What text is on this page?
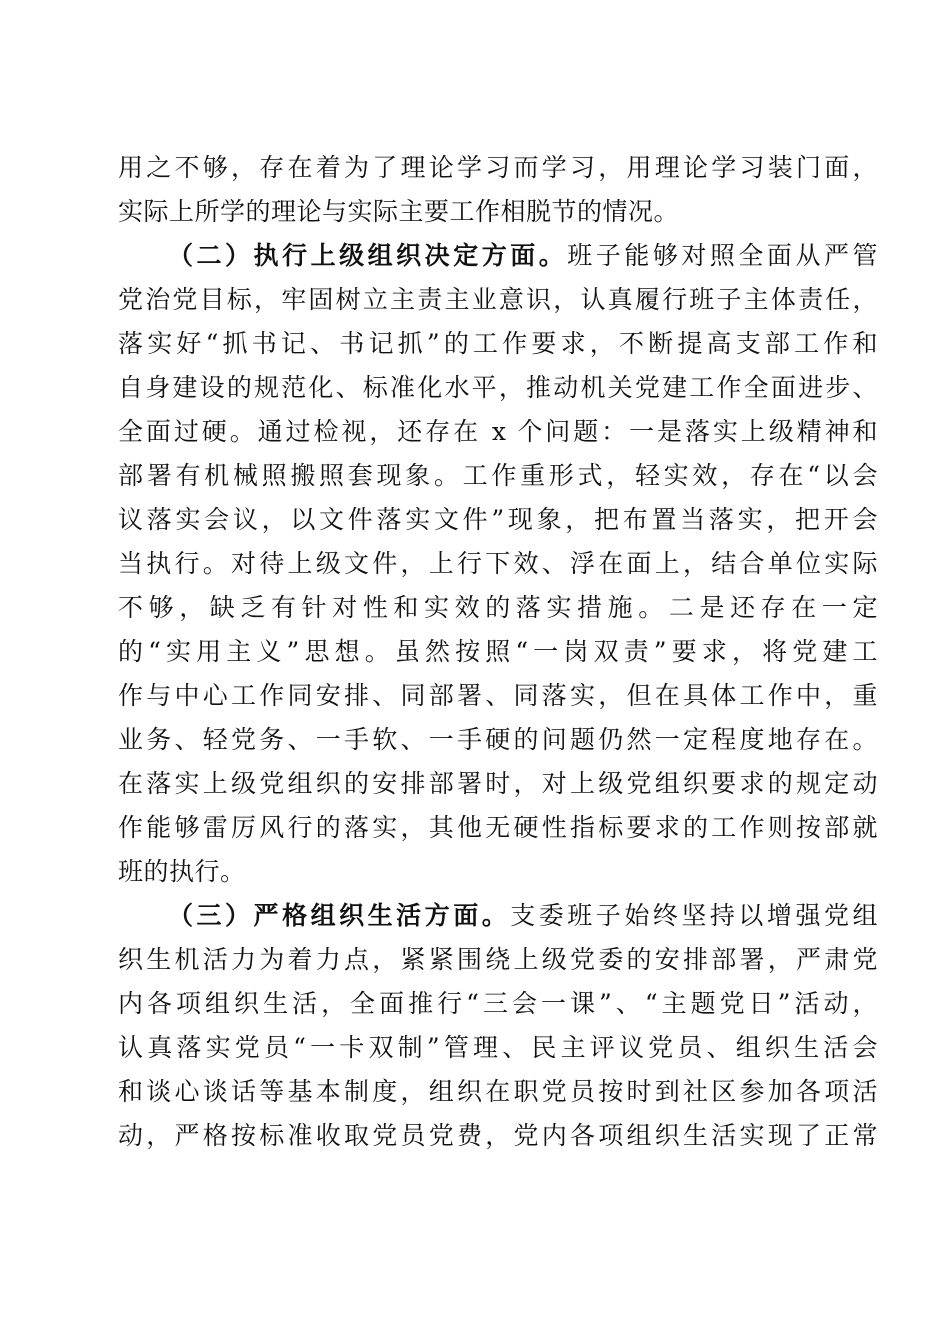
用之不够，存在着为了理论学习而学习，用理论学习装门面，
实际上所学的理论与实际主要工作相脱节的情况。
（二）执行上级组织决定方面。班子能够对照全面从严管
党治党目标，牢固树立主责主业意识，认真履行班子主体责任，
落实好“抓书记、书记抓”的工作要求，不断提高支部工作和
自身建设的规范化、标准化水平，推动机关党建工作全面进步、
全面过硬。通过检视，还存在 x 个问题：一是落实上级精神和
部署有机械照搬照套现象。工作重形式，轻实效，存在“以会
议落实会议，以文件落实文件”现象，把布置当落实，把开会
当执行。对待上级文件，上行下效、浮在面上，结合单位实际
不够，缺乏有针对性和实效的落实措施。二是还存在一定
的“实用主义”思想。虽然按照“一岗双责”要求，将党建工
作与中心工作同安排、同部署、同落实，但在具体工作中，重
业务、轻党务、一手软、一手硬的问题仍然一定程度地存在。
在落实上级党组织的安排部署时，对上级党组织要求的规定动
作能够雷厉风行的落实，其他无硬性指标要求的工作则按部就
班的执行。
（三）严格组织生活方面。支委班子始终坚持以增强党组
织生机活力为着力点，紧紧围绕上级党委的安排部署，严肃党
内各项组织生活，全面推行“三会一课”、“主题党日”活动，
认真落实党员“一卡双制”管理、民主评议党员、组织生活会
和谈心谈话等基本制度，组织在职党员按时到社区参加各项活
动，严格按标准收取党员党费，党内各项组织生活实现了正常
